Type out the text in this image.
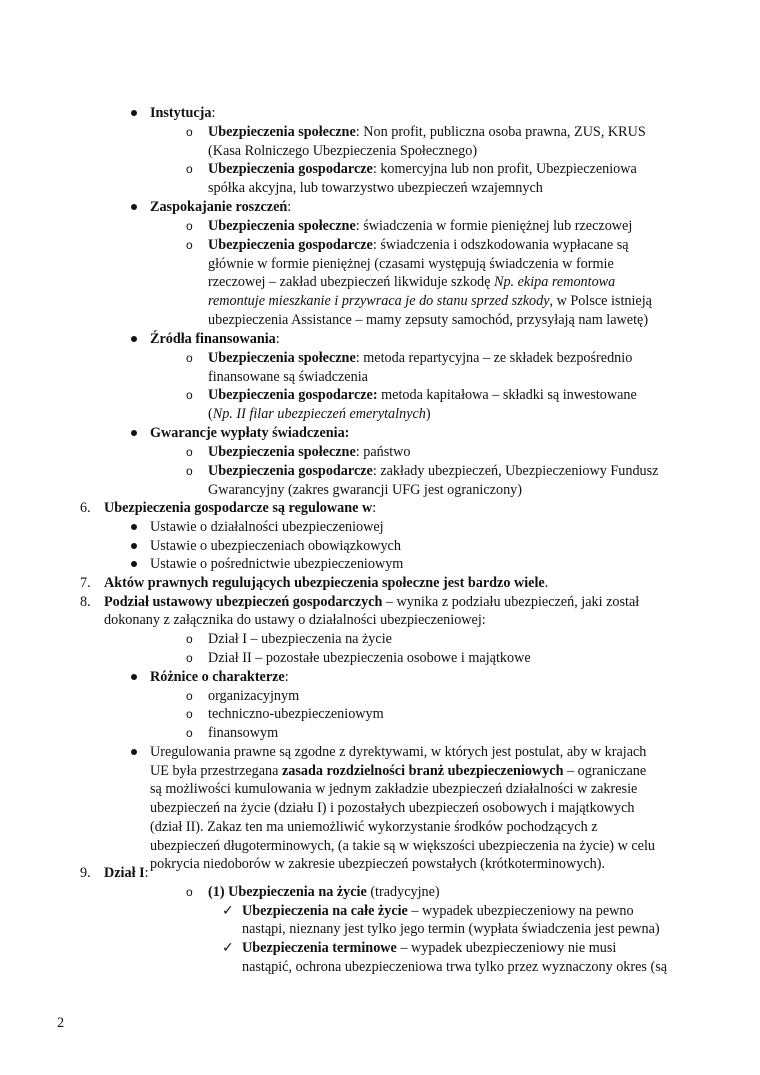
Instytucja:
o Ubezpieczenia społeczne: Non profit, publiczna osoba prawna, ZUS, KRUS
(Kasa Rolniczego Ubezpieczenia Społecznego)
o Ubezpieczenia gospodarcze: komercyjna lub non profit, Ubezpieczeniowa
spółka akcyjna, lub towarzystwo ubezpieczeń wzajemnych
Zaspokajanie roszczeń:
o Ubezpieczenia społeczne: świadczenia w formie pieniężnej lub rzeczowej
o Ubezpieczenia gospodarcze: świadczenia i odszkodowania wypłacane są
głównie w formie pieniężnej (czasami występują świadczenia w formie
rzeczowej – zakład ubezpieczeń likwiduje szkodę Np. ekipa remontowa
remontuje mieszkanie i przywraca je do stanu sprzed szkody, w Polsce istnieją
ubezpieczenia Assistance – mamy zepsuty samochód, przysyłają nam lawetę)
Źródła finansowania:
o Ubezpieczenia społeczne: metoda repartycyjna – ze składek bezpośrednio
finansowane są świadczenia
o Ubezpieczenia gospodarcze: metoda kapitałowa – składki są inwestowane
(Np. II filar ubezpieczeń emerytalnych)
Gwarancje wypłaty świadczenia:
o Ubezpieczenia społeczne: państwo
o Ubezpieczenia gospodarcze: zakłady ubezpieczeń, Ubezpieczeniowy Fundusz
Gwarancyjny (zakres gwarancji UFG jest ograniczony)
6. Ubezpieczenia gospodarcze są regulowane w:
Ustawie o działalności ubezpieczeniowej
Ustawie o ubezpieczeniach obowiązkowych
Ustawie o pośrednictwie ubezpieczeniowym
7. Aktów prawnych regulujących ubezpieczenia społeczne jest bardzo wiele.
8. Podział ustawowy ubezpieczeń gospodarczych – wynika z podziału ubezpieczeń, jaki został
dokonany z załącznika do ustawy o działalności ubezpieczeniowej:
o Dział I – ubezpieczenia na życie
o Dział II – pozostałe ubezpieczenia osobowe i majątkowe
Różnice o charakterze:
o organizacyjnym
o techniczno-ubezpieczeniowym
o finansowym
Uregulowania prawne są zgodne z dyrektywami, w których jest postulat, aby w krajach
UE była przestrzegana zasada rozdzielności branż ubezpieczeniowych – ograniczane
są możliwości kumulowania w jednym zakładzie ubezpieczeń działalności w zakresie
ubezpieczeń na życie (działu I) i pozostałych ubezpieczeń osobowych i majątkowych
(dział II). Zakaz ten ma uniemożliwić wykorzystanie środków pochodzących z
ubezpieczeń długoterminowych, (a takie są w większości ubezpieczenia na życie) w celu
pokrycia niedoborów w zakresie ubezpieczeń powstałych (krótkoterminowych).
9. Dział I:
o (1) Ubezpieczenia na życie (tradycyjne)
✓ Ubezpieczenia na całe życie – wypadek ubezpieczeniowy na pewno
nastąpi, nieznany jest tylko jego termin (wypłata świadczenia jest pewna)
✓ Ubezpieczenia terminowe – wypadek ubezpieczeniowy nie musi
nastąpić, ochrona ubezpieczeniowa trwa tylko przez wyznaczony okres (są
2
